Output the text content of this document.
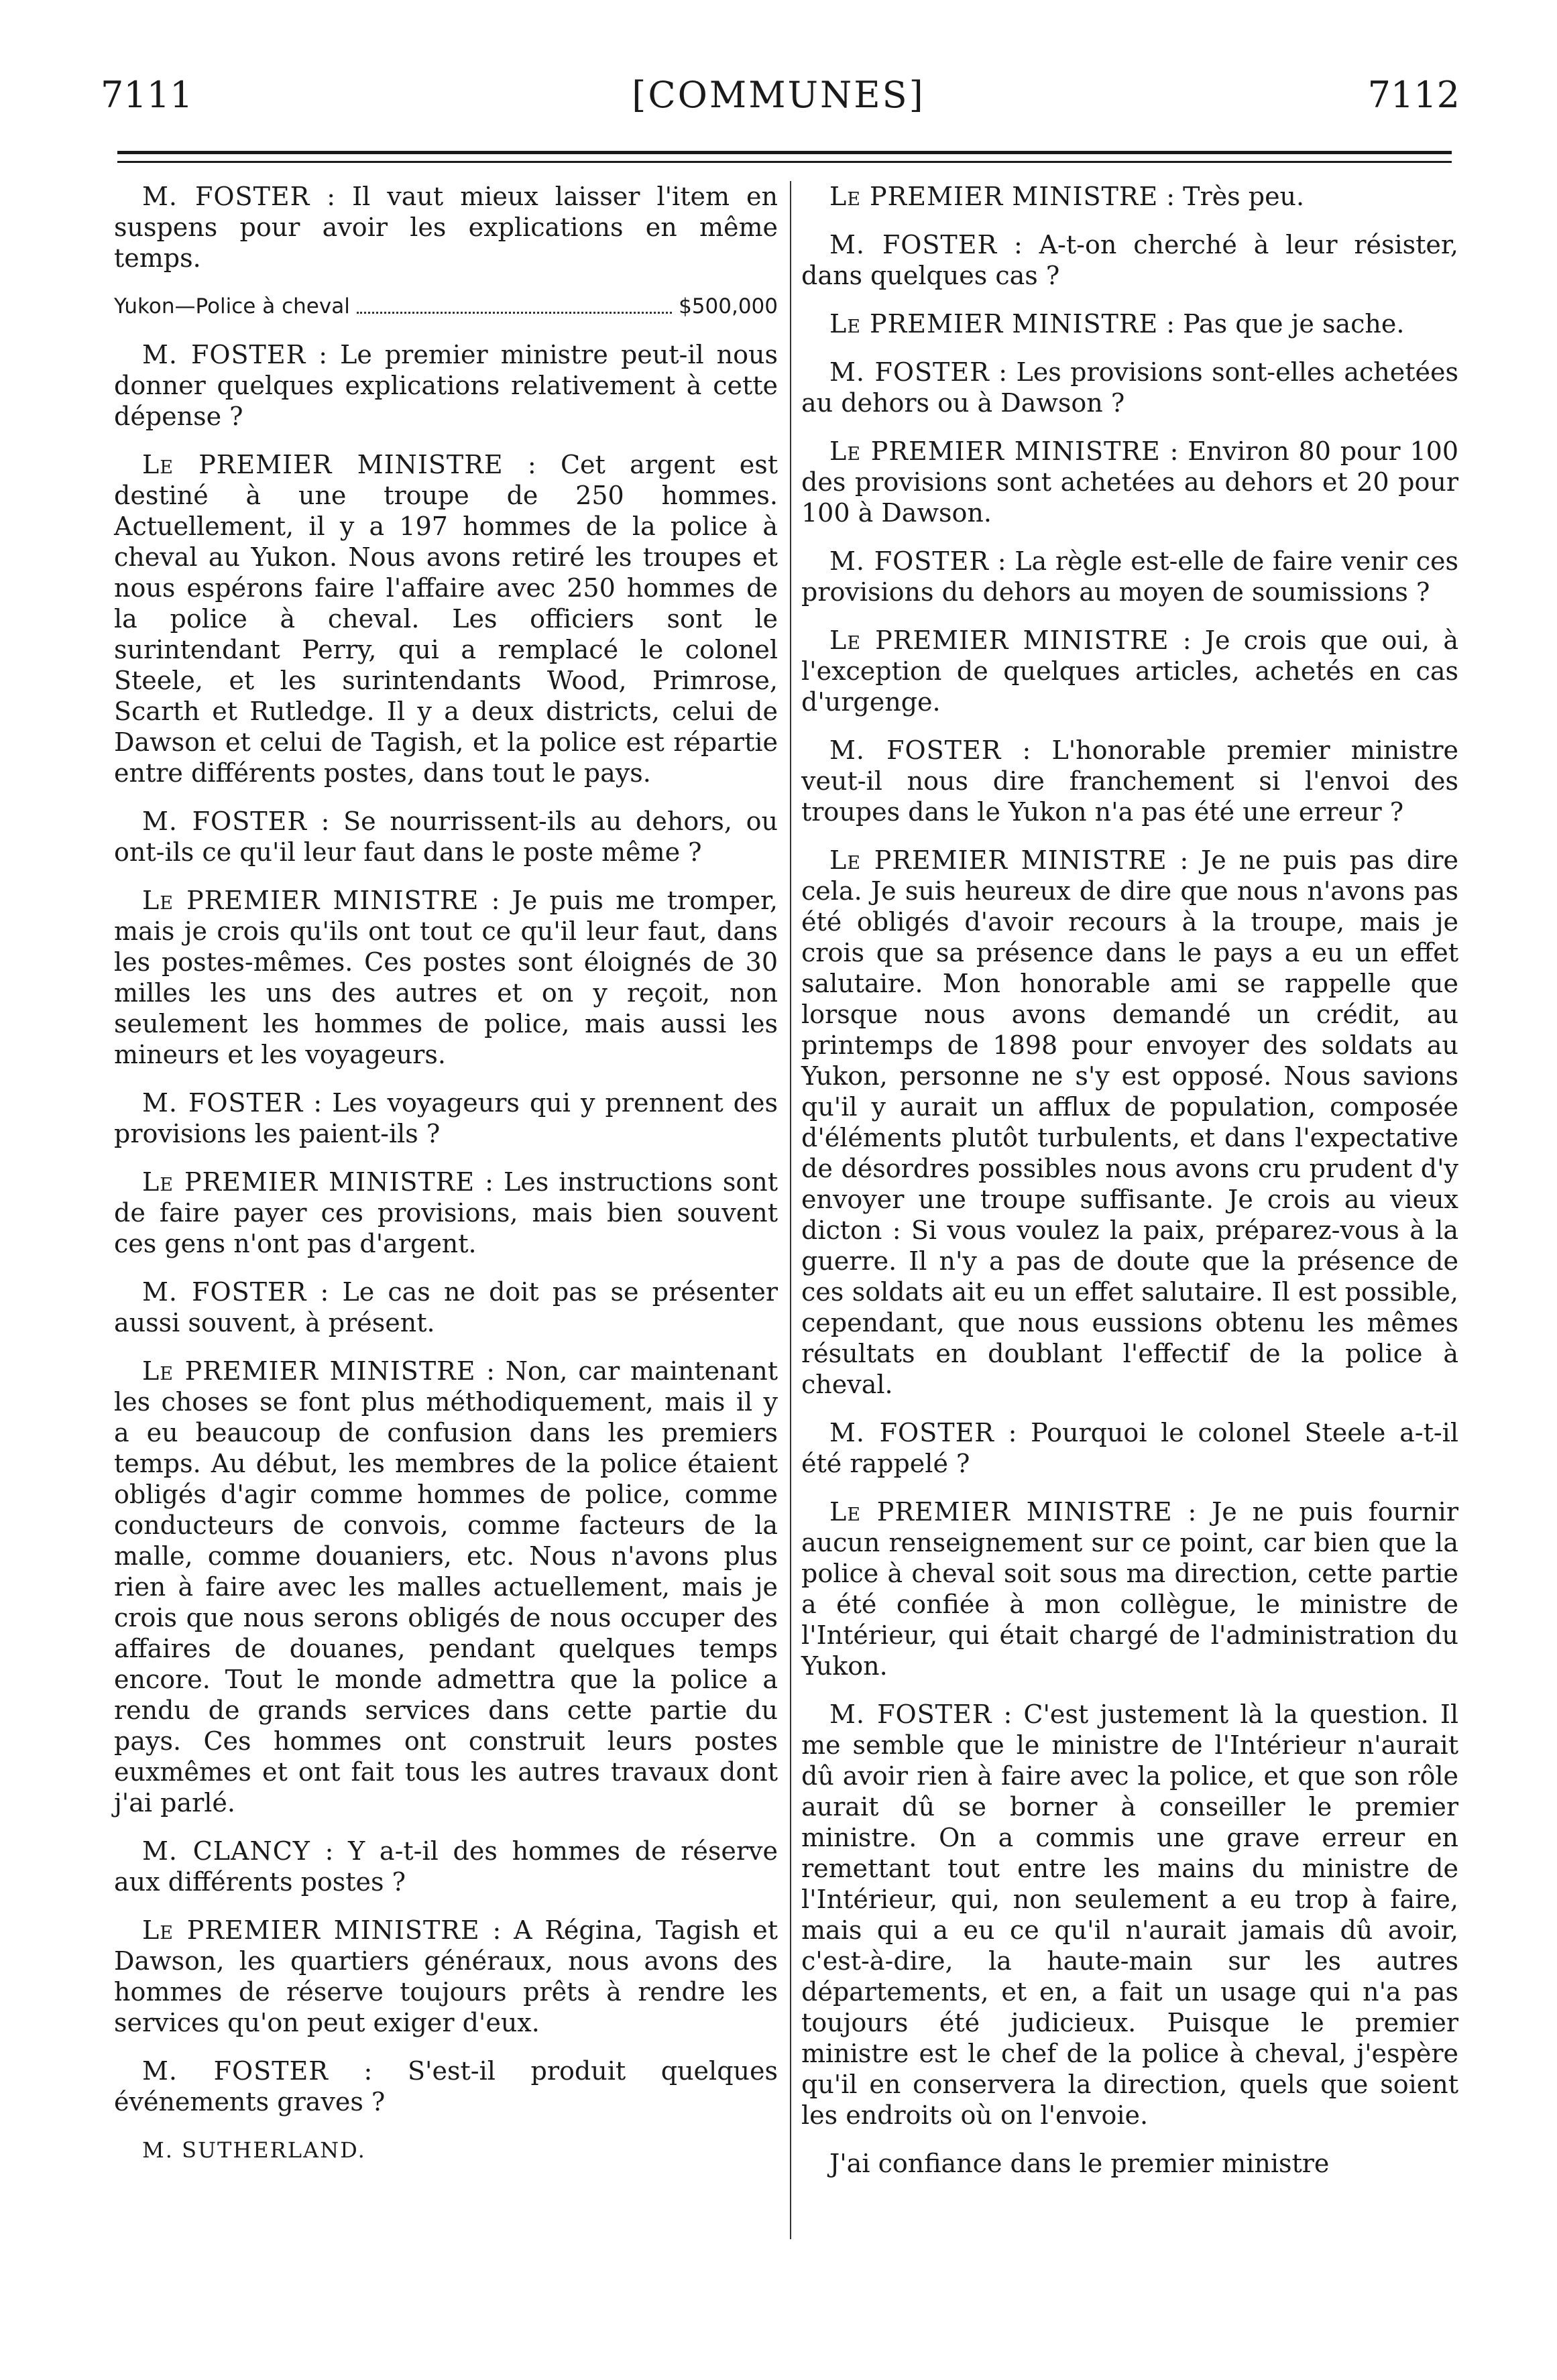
7111	[COMMUNES]	7112

M. FOSTER : Il vaut mieux laisser l'item en suspens pour avoir les explications en même temps.

Yukon—Police à cheval	$500,000

M. FOSTER : Le premier ministre peut-il nous donner quelques explications relativement à cette dépense ?

Le PREMIER MINISTRE : Cet argent est destiné à une troupe de 250 hommes. Actuellement, il y a 197 hommes de la police à cheval au Yukon. Nous avons retiré les troupes et nous espérons faire l'affaire avec 250 hommes de la police à cheval. Les officiers sont le surintendant Perry, qui a remplacé le colonel Steele, et les surintendants Wood, Primrose, Scarth et Rutledge. Il y a deux districts, celui de Dawson et celui de Tagish, et la police est répartie entre différents postes, dans tout le pays.

M. FOSTER : Se nourrissent-ils au dehors, ou ont-ils ce qu'il leur faut dans le poste même ?

Le PREMIER MINISTRE : Je puis me tromper, mais je crois qu'ils ont tout ce qu'il leur faut, dans les postes-mêmes. Ces postes sont éloignés de 30 milles les uns des autres et on y reçoit, non seulement les hommes de police, mais aussi les mineurs et les voyageurs.

M. FOSTER : Les voyageurs qui y prennent des provisions les paient-ils ?

Le PREMIER MINISTRE : Les instructions sont de faire payer ces provisions, mais bien souvent ces gens n'ont pas d'argent.

M. FOSTER : Le cas ne doit pas se présenter aussi souvent, à présent.

Le PREMIER MINISTRE : Non, car maintenant les choses se font plus méthodiquement, mais il y a eu beaucoup de confusion dans les premiers temps. Au début, les membres de la police étaient obligés d'agir comme hommes de police, comme conducteurs de convois, comme facteurs de la malle, comme douaniers, etc. Nous n'avons plus rien à faire avec les malles actuellement, mais je crois que nous serons obligés de nous occuper des affaires de douanes, pendant quelques temps encore. Tout le monde admettra que la police a rendu de grands services dans cette partie du pays. Ces hommes ont construit leurs postes euxmêmes et ont fait tous les autres travaux dont j'ai parlé.

M. CLANCY : Y a-t-il des hommes de réserve aux différents postes ?

Le PREMIER MINISTRE : A Régina, Tagish et Dawson, les quartiers généraux, nous avons des hommes de réserve toujours prêts à rendre les services qu'on peut exiger d'eux.

M. FOSTER : S'est-il produit quelques événements graves ?

M. SUTHERLAND.

Le PREMIER MINISTRE : Très peu.

M. FOSTER : A-t-on cherché à leur résister, dans quelques cas ?

Le PREMIER MINISTRE : Pas que je sache.

M. FOSTER : Les provisions sont-elles achetées au dehors ou à Dawson ?

Le PREMIER MINISTRE : Environ 80 pour 100 des provisions sont achetées au dehors et 20 pour 100 à Dawson.

M. FOSTER : La règle est-elle de faire venir ces provisions du dehors au moyen de soumissions ?

Le PREMIER MINISTRE : Je crois que oui, à l'exception de quelques articles, achetés en cas d'urgenge.

M. FOSTER : L'honorable premier ministre veut-il nous dire franchement si l'envoi des troupes dans le Yukon n'a pas été une erreur ?

Le PREMIER MINISTRE : Je ne puis pas dire cela. Je suis heureux de dire que nous n'avons pas été obligés d'avoir recours à la troupe, mais je crois que sa présence dans le pays a eu un effet salutaire. Mon honorable ami se rappelle que lorsque nous avons demandé un crédit, au printemps de 1898 pour envoyer des soldats au Yukon, personne ne s'y est opposé. Nous savions qu'il y aurait un afflux de population, composée d'éléments plutôt turbulents, et dans l'expectative de désordres possibles nous avons cru prudent d'y envoyer une troupe suffisante. Je crois au vieux dicton : Si vous voulez la paix, préparez-vous à la guerre. Il n'y a pas de doute que la présence de ces soldats ait eu un effet salutaire. Il est possible, cependant, que nous eussions obtenu les mêmes résultats en doublant l'effectif de la police à cheval.

M. FOSTER : Pourquoi le colonel Steele a-t-il été rappelé ?

Le PREMIER MINISTRE : Je ne puis fournir aucun renseignement sur ce point, car bien que la police à cheval soit sous ma direction, cette partie a été confiée à mon collègue, le ministre de l'Intérieur, qui était chargé de l'administration du Yukon.

M. FOSTER : C'est justement là la question. Il me semble que le ministre de l'Intérieur n'aurait dû avoir rien à faire avec la police, et que son rôle aurait dû se borner à conseiller le premier ministre. On a commis une grave erreur en remettant tout entre les mains du ministre de l'Intérieur, qui, non seulement a eu trop à faire, mais qui a eu ce qu'il n'aurait jamais dû avoir, c'est-à-dire, la haute-main sur les autres départements, et en, a fait un usage qui n'a pas toujours été judicieux. Puisque le premier ministre est le chef de la police à cheval, j'espère qu'il en conservera la direction, quels que soient les endroits où on l'envoie.

J'ai confiance dans le premier ministre
